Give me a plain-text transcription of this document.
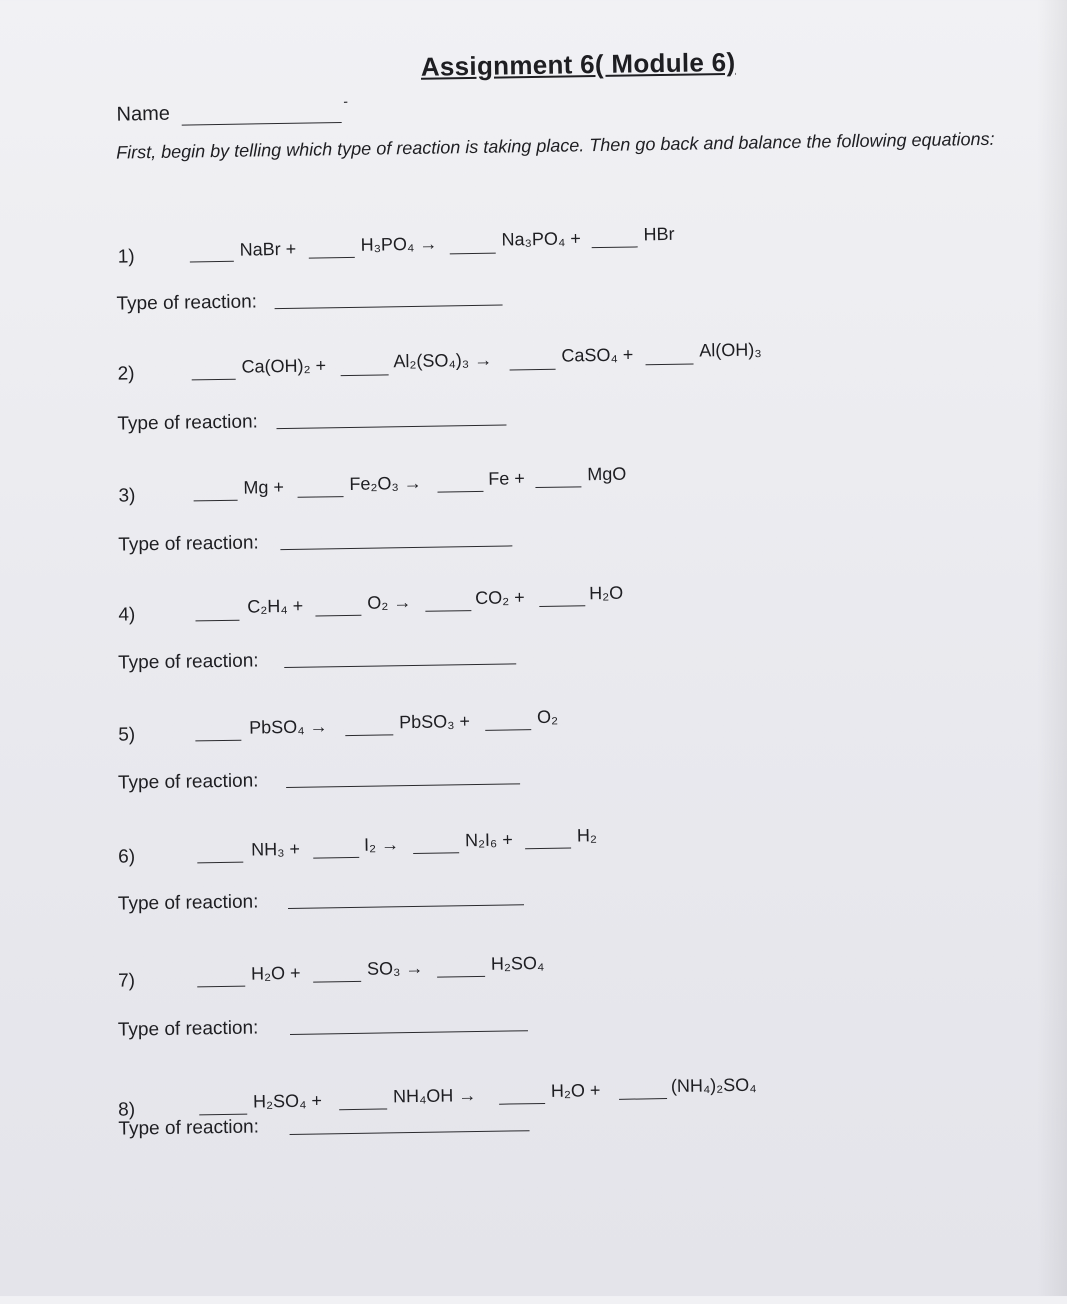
Assignment 6( Module 6)
Name
-
First, begin by telling which type of reaction is taking place. Then go back and balance the following equations:
1)	NaBr +	H₃PO₄ →	Na₃PO₄ +	HBr
Type of reaction:
2)	Ca(OH)₂ +	Al₂(SO₄)₃ →	CaSO₄ +	Al(OH)₃
Type of reaction:
3)	Mg +	Fe₂O₃ →	Fe +	MgO
Type of reaction:
4)	C₂H₄ +	O₂ →	CO₂ +	H₂O
Type of reaction:
5)	PbSO₄ →	PbSO₃ +	O₂
Type of reaction:
6)	NH₃ +	I₂ →	N₂I₆ +	H₂
Type of reaction:
7)	H₂O +	SO₃ →	H₂SO₄
Type of reaction:
8)	H₂SO₄ +	NH₄OH →	H₂O +	(NH₄)₂SO₄
Type of reaction:
